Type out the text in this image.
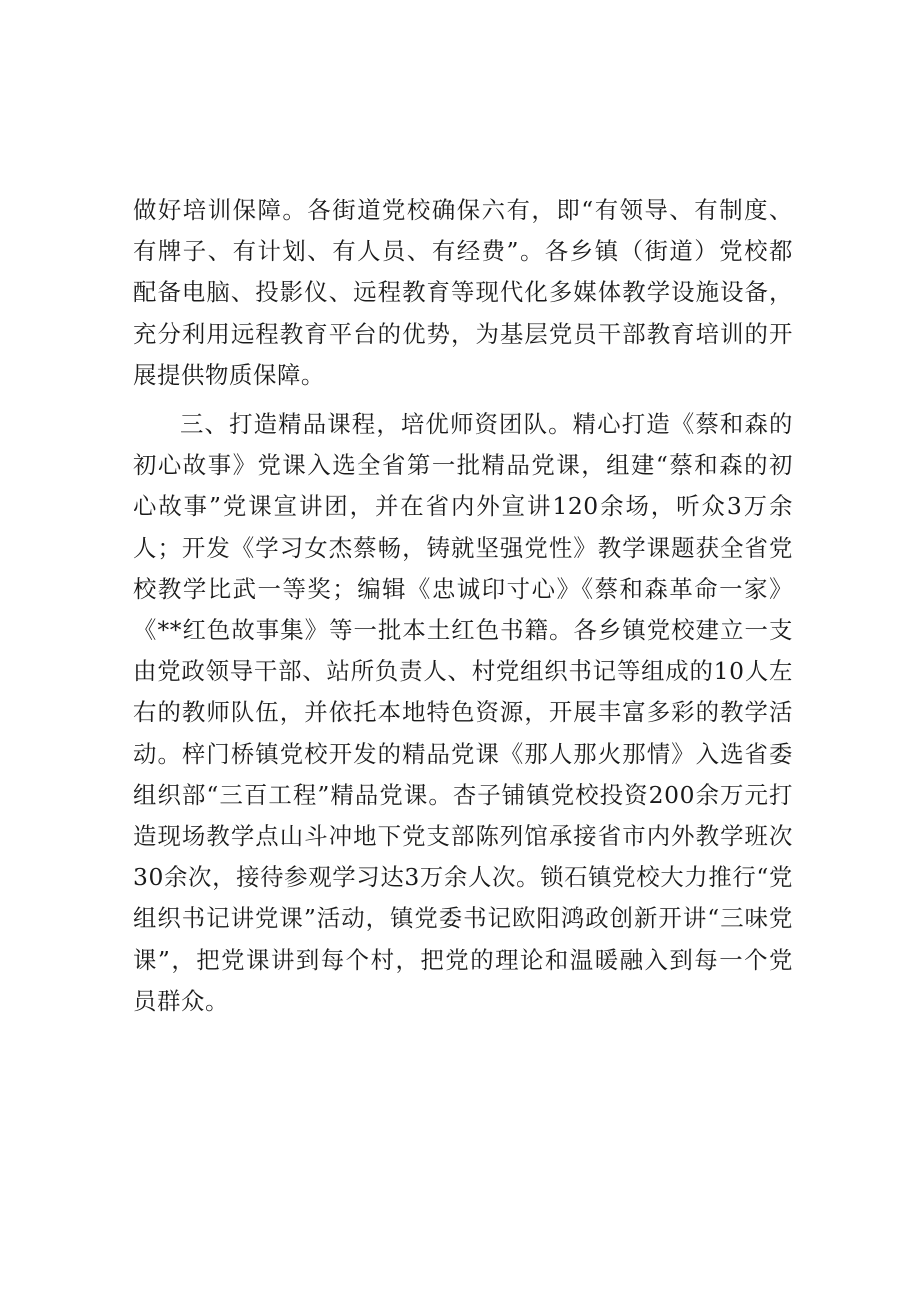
做好培训保障。各街道党校确保六有，即“有领导、有制度、有牌子、有计划、有人员、有经费”。各乡镇（街道）党校都配备电脑、投影仪、远程教育等现代化多媒体教学设施设备，充分利用远程教育平台的优势，为基层党员干部教育培训的开展提供物质保障。

三、打造精品课程，培优师资团队。精心打造《蔡和森的初心故事》党课入选全省第一批精品党课，组建“蔡和森的初心故事”党课宣讲团，并在省内外宣讲120余场，听众3万余人；开发《学习女杰蔡畅，铸就坚强党性》教学课题获全省党校教学比武一等奖；编辑《忠诚印寸心》《蔡和森革命一家》《**红色故事集》等一批本土红色书籍。各乡镇党校建立一支由党政领导干部、站所负责人、村党组织书记等组成的10人左右的教师队伍，并依托本地特色资源，开展丰富多彩的教学活动。梓门桥镇党校开发的精品党课《那人那火那情》入选省委组织部“三百工程”精品党课。杏子铺镇党校投资200余万元打造现场教学点山斗冲地下党支部陈列馆承接省市内外教学班次30余次，接待参观学习达3万余人次。锁石镇党校大力推行“党组织书记讲党课”活动，镇党委书记欧阳鸿政创新开讲“三味党课”，把党课讲到每个村，把党的理论和温暖融入到每一个党员群众。
